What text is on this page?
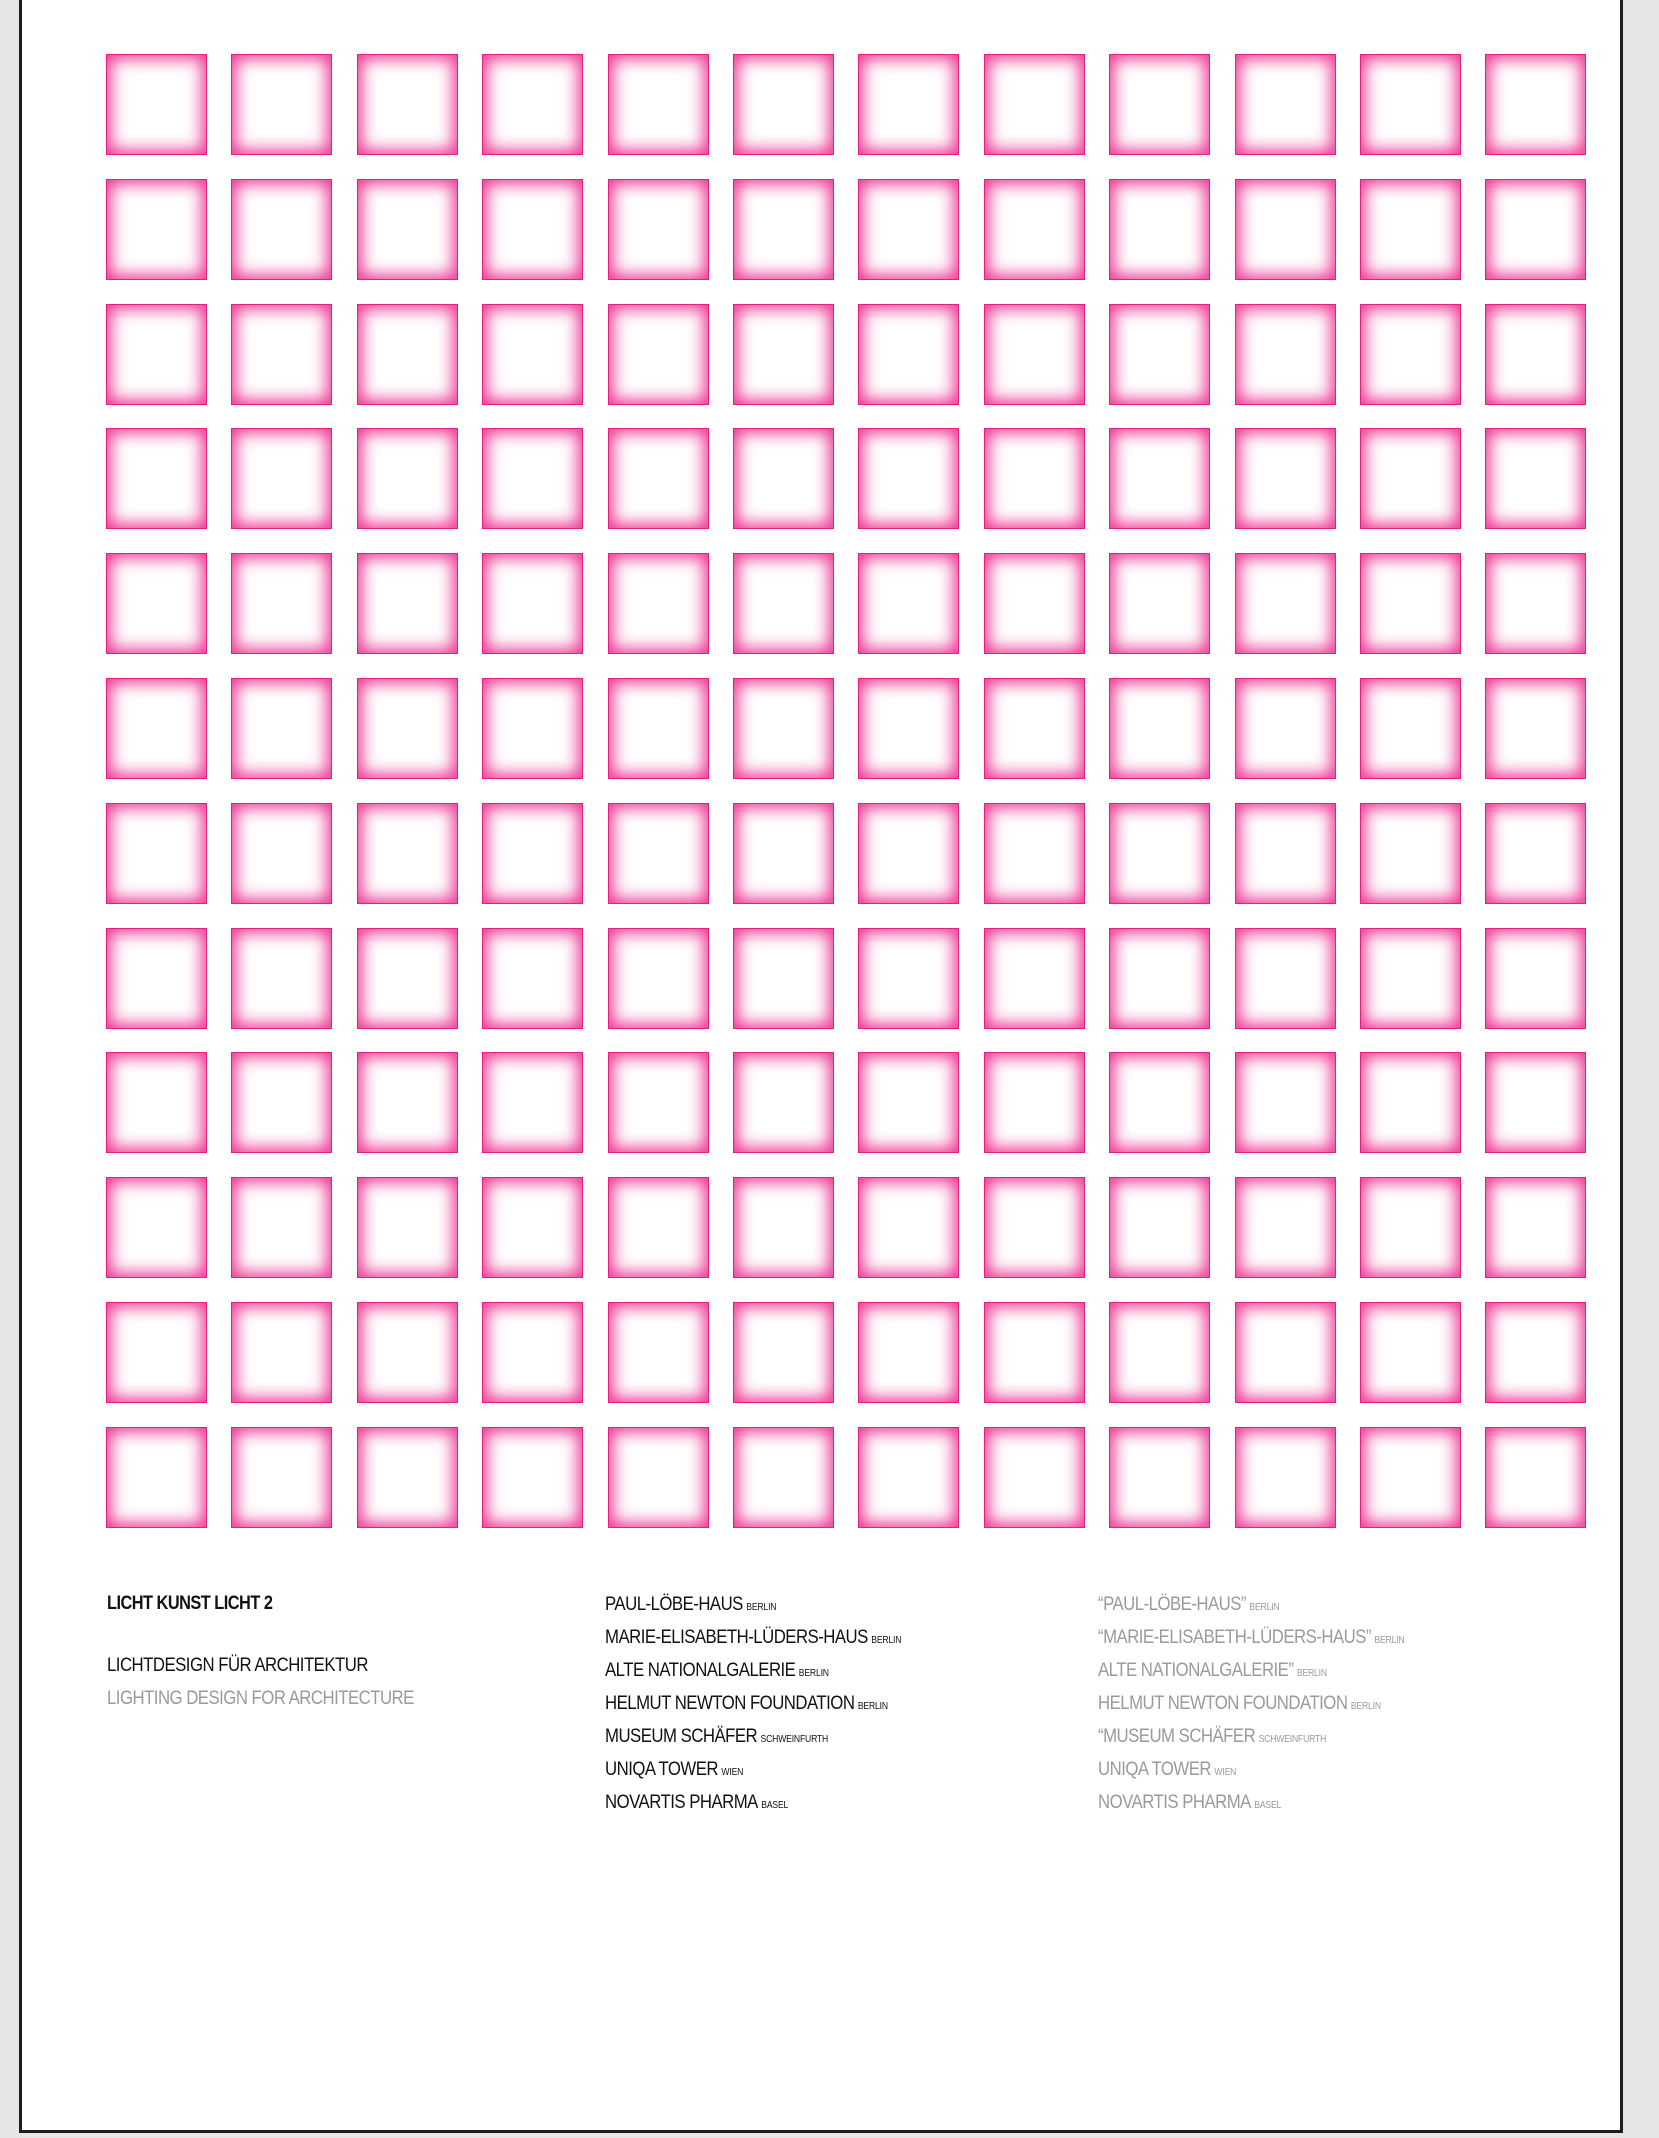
LICHT KUNST LICHT 2
LICHTDESIGN FÜR ARCHITEKTUR
LIGHTING DESIGN FOR ARCHITECTURE
PAUL-LÖBE-HAUS BERLIN
MARIE-ELISABETH-LÜDERS-HAUS BERLIN
ALTE NATIONALGALERIE BERLIN
HELMUT NEWTON FOUNDATION BERLIN
MUSEUM SCHÄFER SCHWEINFURTH
UNIQA TOWER WIEN
NOVARTIS PHARMA BASEL
“PAUL-LÖBE-HAUS” BERLIN
“MARIE-ELISABETH-LÜDERS-HAUS” BERLIN
ALTE NATIONALGALERIE” BERLIN
HELMUT NEWTON FOUNDATION BERLIN
“MUSEUM SCHÄFER SCHWEINFURTH
UNIQA TOWER WIEN
NOVARTIS PHARMA BASEL
